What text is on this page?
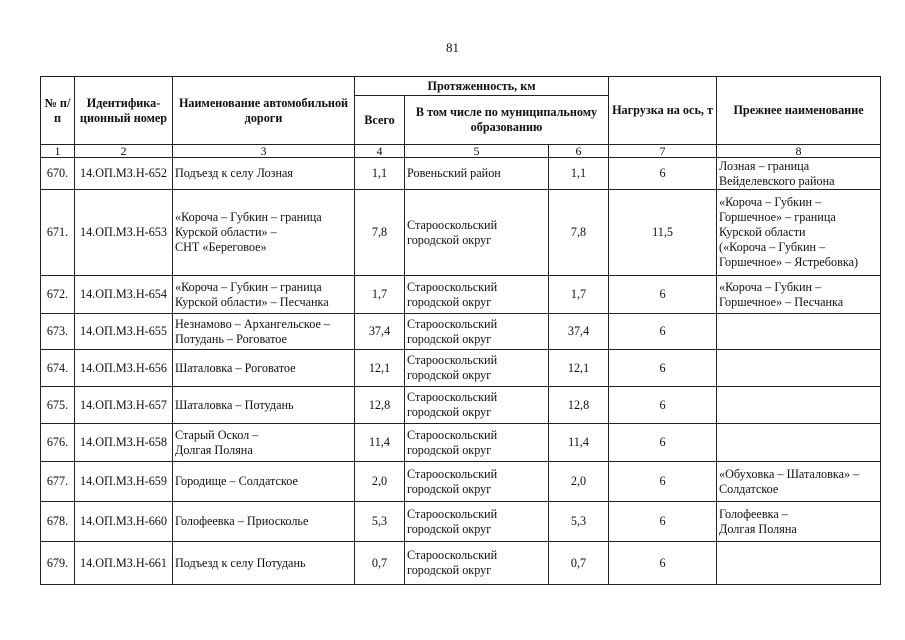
81
№ п/п	Идентифика-ционный номер	Наименование автомобильной дороги	Протяженность, км			Нагрузка на ось, т	Прежнее наименование
			Всего	В том числе по муниципальному образованию			
1	2	3	4	5	6	7	8
670.	14.ОП.МЗ.Н-652	Подъезд к селу Лозная	1,1	Ровеньский район	1,1	6	Лозная – граница
Вейделевского района

671.	14.ОП.МЗ.Н-653	«Короча – Губкин – граница
Курской области» –
СНТ «Береговое»	7,8	Старооскольский
городской округ	7,8	11,5	«Короча – Губкин –
Горшечное» – граница
Курской области
(«Короча – Губкин –
Горшечное» – Ястребовка)

672.	14.ОП.МЗ.Н-654	«Короча – Губкин – граница
Курской области» – Песчанка	1,7	Старооскольский
городской округ	1,7	6	«Короча – Губкин –
Горшечное» – Песчанка

673.	14.ОП.МЗ.Н-655	Незнамово – Архангельское –
Потудань – Роговатое	37,4	Старооскольский
городской округ	37,4	6	
674.	14.ОП.МЗ.Н-656	Шаталовка – Роговатое	12,1	Старооскольский
городской округ	12,1	6	
675.	14.ОП.МЗ.Н-657	Шаталовка – Потудань	12,8	Старооскольский
городской округ	12,8	6	
676.	14.ОП.МЗ.Н-658	Старый Оскол –
Долгая Поляна	11,4	Старооскольский
городской округ	11,4	6	
677.	14.ОП.МЗ.Н-659	Городище – Солдатское	2,0	Старооскольский
городской округ	2,0	6	«Обуховка – Шаталовка» –
Солдатское

678.	14.ОП.МЗ.Н-660	Голофеевка – Приосколье	5,3	Старооскольский
городской округ	5,3	6	Голофеевка –
Долгая Поляна

679.	14.ОП.МЗ.Н-661	Подъезд к селу Потудань	0,7	Старооскольский
городской округ	0,7	6	
